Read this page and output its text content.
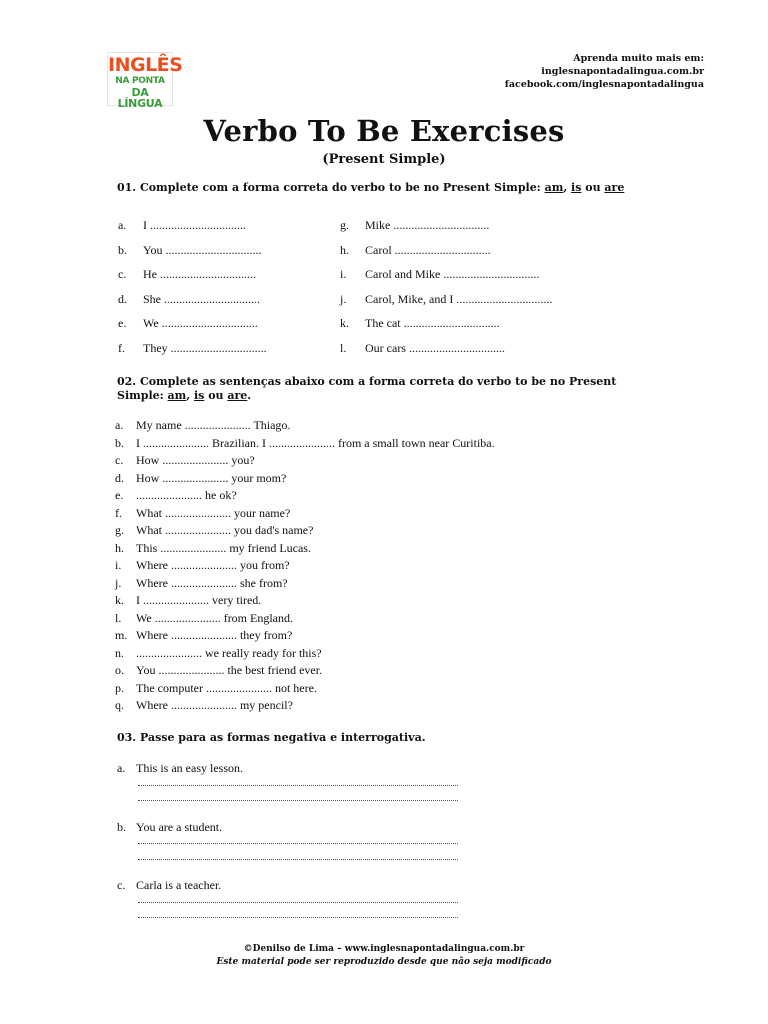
INGLÊS
NA PONTA
DA LÍNGUA
Aprenda muito mais em:
inglesnapontadalingua.com.br
facebook.com/inglesnapontadalingua
Verbo To Be Exercises
(Present Simple)
01. Complete com a forma correta do verbo to be no Present Simple: am, is ou are
a. I ................................
b. You ................................
c. He ................................
d. She ................................
e. We ................................
f. They ................................
g. Mike ................................
h. Carol ................................
i. Carol and Mike ................................
j. Carol, Mike, and I ................................
k. The cat ................................
l. Our cars ................................
02. Complete as sentenças abaixo com a forma correta do verbo to be no Present Simple: am, is ou are.
a. My name ...................... Thiago.
b. I ...................... Brazilian. I ...................... from a small town near Curitiba.
c. How ...................... you?
d. How ...................... your mom?
e. ...................... he ok?
f. What ...................... your name?
g. What ...................... you dad's name?
h. This ...................... my friend Lucas.
i. Where ...................... you from?
j. Where ...................... she from?
k. I ...................... very tired.
l. We ...................... from England.
m. Where ...................... they from?
n. ...................... we really ready for this?
o. You ...................... the best friend ever.
p. The computer ...................... not here.
q. Where ...................... my pencil?
03. Passe para as formas negativa e interrogativa.
a. This is an easy lesson.
b. You are a student.
c. Carla is a teacher.
©Denilso de Lima – www.inglesnapontadalingua.com.br
Este material pode ser reproduzido desde que não seja modificado
